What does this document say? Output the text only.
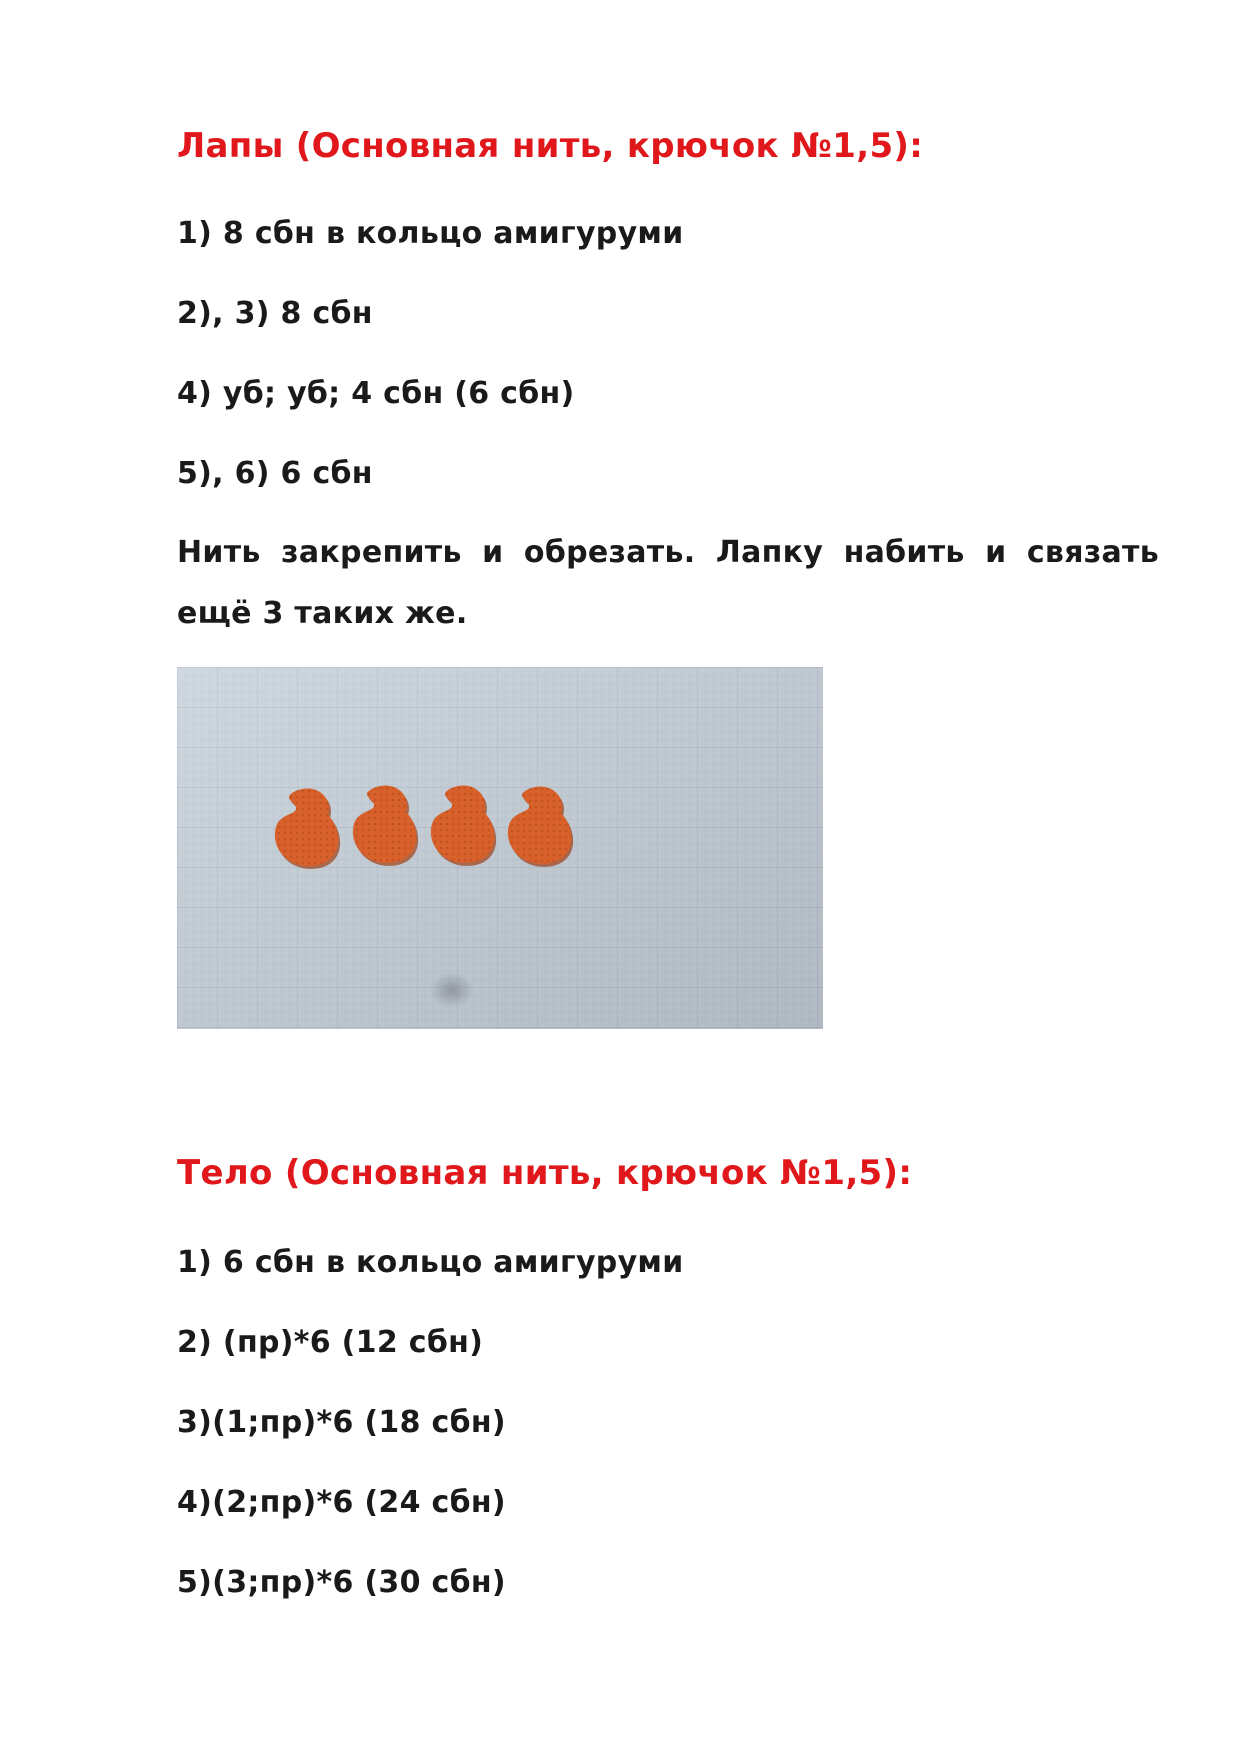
Лапы (Основная нить, крючок №1,5):
1) 8 сбн в кольцо амигуруми
2), 3) 8 сбн
4) уб; уб; 4 сбн (6 сбн)
5), 6) 6 сбн
Нить закрепить и обрезать. Лапку набить и связать ещё 3 таких же.
Тело (Основная нить, крючок №1,5):
1) 6 сбн в кольцо амигуруми
2) (пр)*6 (12 сбн)
3)(1;пр)*6 (18 сбн)
4)(2;пр)*6 (24 сбн)
5)(3;пр)*6 (30 сбн)
